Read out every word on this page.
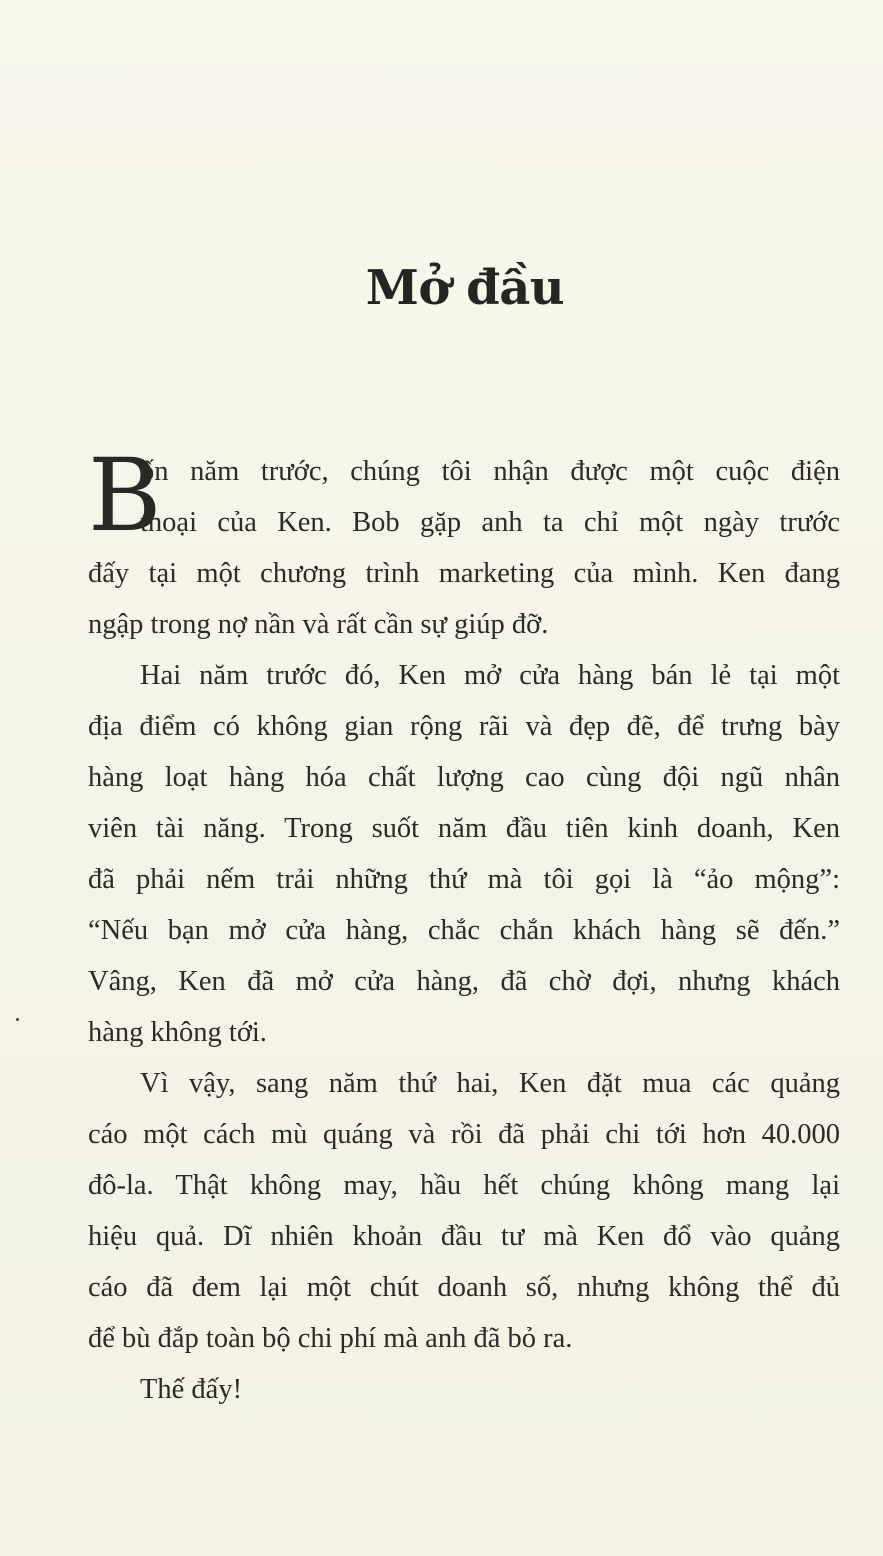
Mở đầu
B
ốn năm trước, chúng tôi nhận được một cuộc điện
thoại của Ken. Bob gặp anh ta chỉ một ngày trước
đấy tại một chương trình marketing của mình. Ken đang
ngập trong nợ nần và rất cần sự giúp đỡ.
Hai năm trước đó, Ken mở cửa hàng bán lẻ tại một
địa điểm có không gian rộng rãi và đẹp đẽ, để trưng bày
hàng loạt hàng hóa chất lượng cao cùng đội ngũ nhân
viên tài năng. Trong suốt năm đầu tiên kinh doanh, Ken
đã phải nếm trải những thứ mà tôi gọi là “ảo mộng”:
“Nếu bạn mở cửa hàng, chắc chắn khách hàng sẽ đến.”
Vâng, Ken đã mở cửa hàng, đã chờ đợi, nhưng khách
hàng không tới.
Vì vậy, sang năm thứ hai, Ken đặt mua các quảng
cáo một cách mù quáng và rồi đã phải chi tới hơn 40.000
đô-la. Thật không may, hầu hết chúng không mang lại
hiệu quả. Dĩ nhiên khoản đầu tư mà Ken đổ vào quảng
cáo đã đem lại một chút doanh số, nhưng không thể đủ
để bù đắp toàn bộ chi phí mà anh đã bỏ ra.
Thế đấy!
